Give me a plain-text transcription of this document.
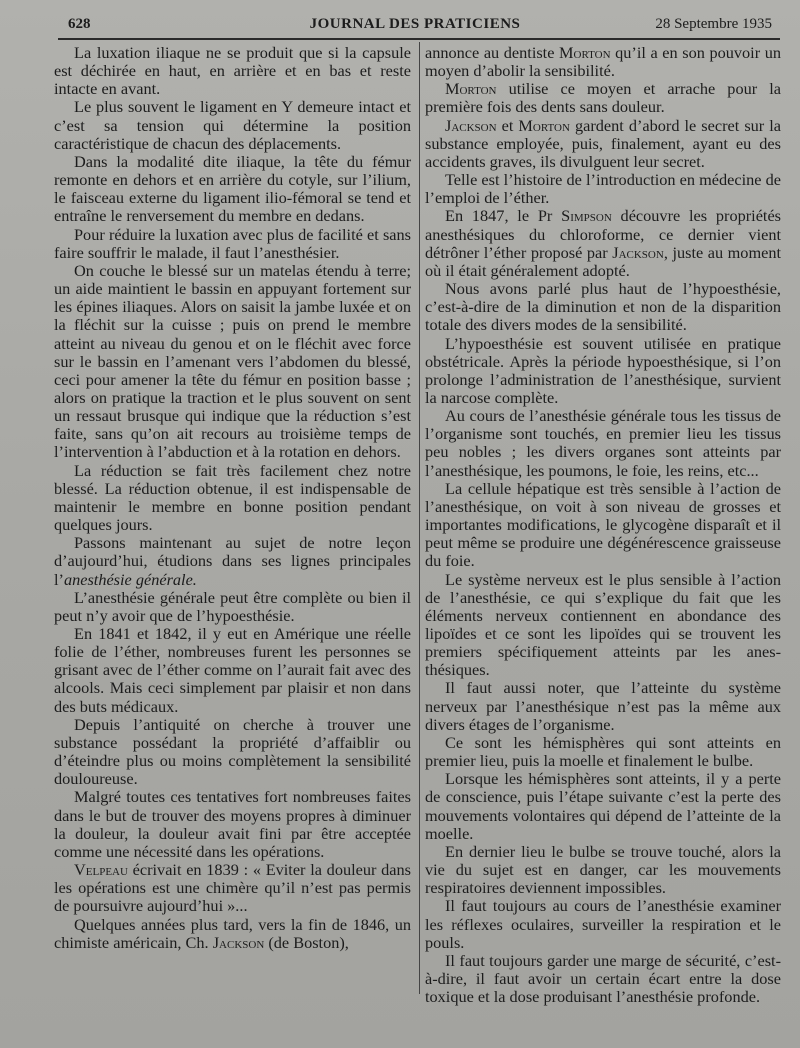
628	JOURNAL DES PRATICIENS	28 Septembre 1935

La luxation iliaque ne se produit que si la capsule est déchirée en haut, en arrière et en bas et reste intacte en avant.

Le plus souvent le ligament en Y demeure intact et c’est sa tension qui détermine la position caractéristique de chacun des déplacements.

Dans la modalité dite iliaque, la tête du fémur remonte en dehors et en arrière du cotyle, sur l’ilium, le faisceau externe du ligament ilio-fémoral se tend et entraîne le renversement du membre en dedans.

Pour réduire la luxation avec plus de facilité et sans faire souffrir le malade, il faut l’anesthésier.

On couche le blessé sur un matelas étendu à terre; un aide maintient le bassin en appuyant fortement sur les épines iliaques. Alors on saisit la jambe luxée et on la fléchit sur la cuisse ; puis on prend le membre atteint au niveau du genou et on le fléchit avec force sur le bassin en l’amenant vers l’abdomen du blessé, ceci pour amener la tête du fémur en position basse ; alors on pratique la traction et le plus souvent on sent un ressaut brusque qui indique que la réduction s’est faite, sans qu’on ait recours au troisième temps de l’intervention à l’abduction et à la rotation en dehors.

La réduction se fait très facilement chez notre blessé. La réduction obtenue, il est indispensable de maintenir le membre en bonne position pendant quelques jours.

Passons maintenant au sujet de notre leçon d’aujourd’hui, étudions dans ses lignes principales l’anesthésie générale.

L’anesthésie générale peut être complète ou bien il peut n’y avoir que de l’hypoesthésie.

En 1841 et 1842, il y eut en Amérique une réelle folie de l’éther, nombreuses furent les personnes se grisant avec de l’éther comme on l’aurait fait avec des alcools. Mais ceci simplement par plaisir et non dans des buts médicaux.

Depuis l’antiquité on cherche à trouver une substance possédant la propriété d’affaiblir ou d’éteindre plus ou moins complètement la sensibilité douloureuse.

Malgré toutes ces tentatives fort nombreuses faites dans le but de trouver des moyens propres à diminuer la douleur, la douleur avait fini par être acceptée comme une nécessité dans les opérations.

Velpeau écrivait en 1839 : « Eviter la douleur dans les opérations est une chimère qu’il n’est pas permis de poursuivre aujourd’hui »...

Quelques années plus tard, vers la fin de 1846, un chimiste américain, Ch. Jackson (de Boston),

annonce au dentiste Morton qu’il a en son pouvoir un moyen d’abolir la sensibilité.

Morton utilise ce moyen et arrache pour la première fois des dents sans douleur.

Jackson et Morton gardent d’abord le secret sur la substance employée, puis, finalement, ayant eu des accidents graves, ils divulguent leur secret.

Telle est l’histoire de l’introduction en médecine de l’emploi de l’éther.

En 1847, le Pr Simpson découvre les propriétés anesthésiques du chloroforme, ce dernier vient détrôner l’éther proposé par Jackson, juste au moment où il était généralement adopté.

Nous avons parlé plus haut de l’hypoesthésie, c’est-à-dire de la diminution et non de la disparition totale des divers modes de la sensibilité.

L’hypoesthésie est souvent utilisée en pratique obstétricale. Après la période hypoesthésique, si l’on prolonge l’administration de l’anesthésique, survient la narcose complète.

Au cours de l’anesthésie générale tous les tissus de l’organisme sont touchés, en premier lieu les tissus peu nobles ; les divers organes sont atteints par l’anesthésique, les poumons, le foie, les reins, etc...

La cellule hépatique est très sensible à l’action de l’anesthésique, on voit à son niveau de grosses et importantes modifications, le glycogène disparaît et il peut même se produire une dégénérescence graisseuse du foie.

Le système nerveux est le plus sensible à l’action de l’anesthésie, ce qui s’explique du fait que les éléments nerveux contiennent en abondance des lipoïdes et ce sont les lipoïdes qui se trouvent les premiers spécifiquement atteints par les anesthésiques.

Il faut aussi noter, que l’atteinte du système nerveux par l’anesthésique n’est pas la même aux divers étages de l’organisme.

Ce sont les hémisphères qui sont atteints en premier lieu, puis la moelle et finalement le bulbe.

Lorsque les hémisphères sont atteints, il y a perte de conscience, puis l’étape suivante c’est la perte des mouvements volontaires qui dépend de l’atteinte de la moelle.

En dernier lieu le bulbe se trouve touché, alors la vie du sujet est en danger, car les mouvements respiratoires deviennent impossibles.

Il faut toujours au cours de l’anesthésie examiner les réflexes oculaires, surveiller la respiration et le pouls.

Il faut toujours garder une marge de sécurité, c’est-à-dire, il faut avoir un certain écart entre la dose toxique et la dose produisant l’anesthésie profonde.
